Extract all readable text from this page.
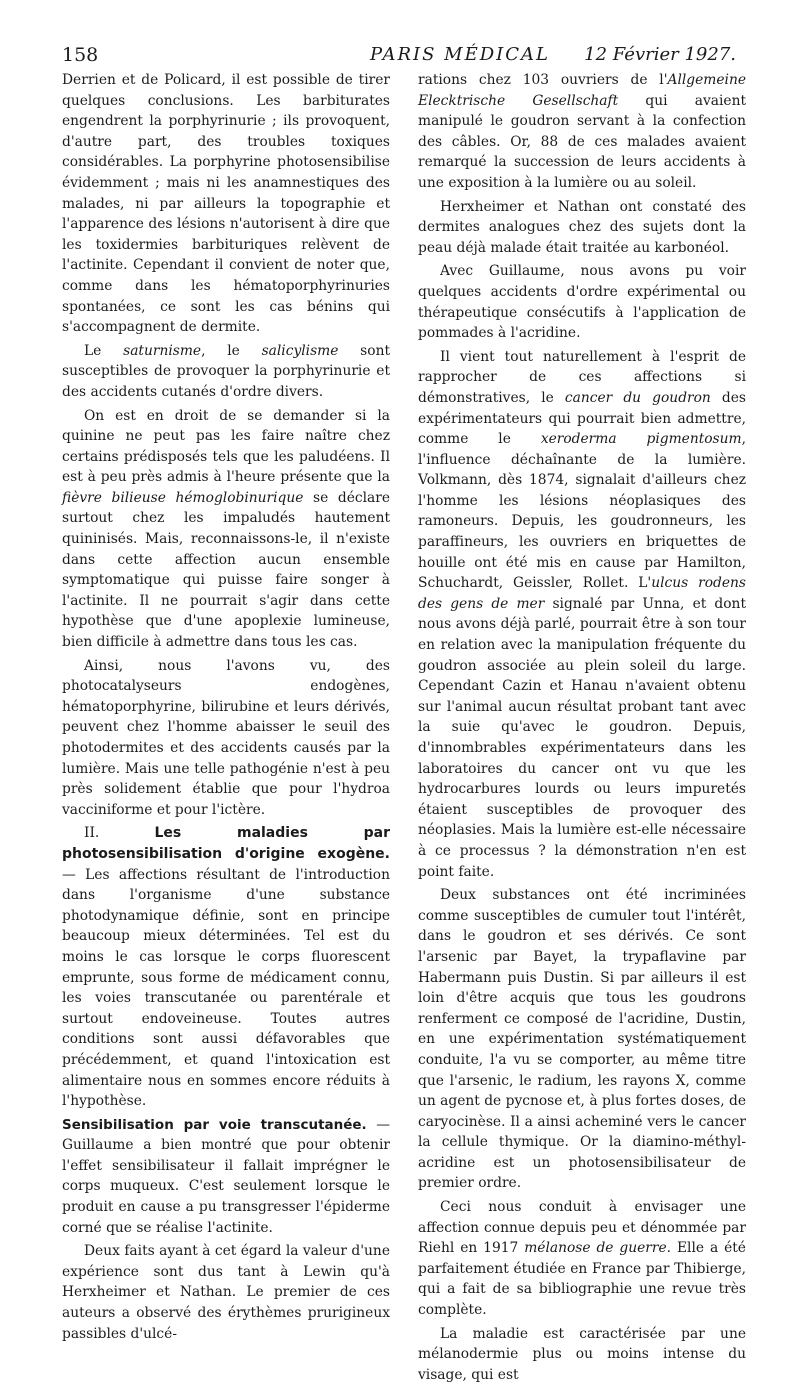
158	PARIS MÉDICAL 12 Février 1927.

Derrien et de Policard, il est possible de tirer quelques conclusions. Les barbiturates engendrent la porphyrinurie ; ils provoquent, d'autre part, des troubles toxiques considérables. La porphyrine photosensibilise évidemment ; mais ni les anamnestiques des malades, ni par ailleurs la topographie et l'apparence des lésions n'autorisent à dire que les toxidermies barbituriques relèvent de l'actinite. Cependant il convient de noter que, comme dans les hématoporphyrinuries spontanées, ce sont les cas bénins qui s'accompagnent de dermite.

Le saturnisme, le salicylisme sont susceptibles de provoquer la porphyrinurie et des accidents cutanés d'ordre divers.

On est en droit de se demander si la quinine ne peut pas les faire naître chez certains prédisposés tels que les paludéens. Il est à peu près admis à l'heure présente que la fièvre bilieuse hémoglobinurique se déclare surtout chez les impaludés hautement quininisés. Mais, reconnaissons-le, il n'existe dans cette affection aucun ensemble symptomatique qui puisse faire songer à l'actinite. Il ne pourrait s'agir dans cette hypothèse que d'une apoplexie lumineuse, bien difficile à admettre dans tous les cas.

Ainsi, nous l'avons vu, des photocatalyseurs endogènes, hématoporphyrine, bilirubine et leurs dérivés, peuvent chez l'homme abaisser le seuil des photodermites et des accidents causés par la lumière. Mais une telle pathogénie n'est à peu près solidement établie que pour l'hydroa vacciniforme et pour l'ictère.

II. Les maladies par photosensibilisation d'origine exogène. — Les affections résultant de l'introduction dans l'organisme d'une substance photodynamique définie, sont en principe beaucoup mieux déterminées. Tel est du moins le cas lorsque le corps fluorescent emprunte, sous forme de médicament connu, les voies transcutanée ou parentérale et surtout endoveineuse. Toutes autres conditions sont aussi défavorables que précédemment, et quand l'intoxication est alimentaire nous en sommes encore réduits à l'hypothèse.

Sensibilisation par voie transcutanée. — Guillaume a bien montré que pour obtenir l'effet sensibilisateur il fallait imprégner le corps muqueux. C'est seulement lorsque le produit en cause a pu transgresser l'épiderme corné que se réalise l'actinite.

Deux faits ayant à cet égard la valeur d'une expérience sont dus tant à Lewin qu'à Herxheimer et Nathan. Le premier de ces auteurs a observé des érythèmes prurigineux passibles d'ulcé-

rations chez 103 ouvriers de l'Allgemeine Elecktrische Gesellschaft qui avaient manipulé le goudron servant à la confection des câbles. Or, 88 de ces malades avaient remarqué la succession de leurs accidents à une exposition à la lumière ou au soleil.

Herxheimer et Nathan ont constaté des dermites analogues chez des sujets dont la peau déjà malade était traitée au karbonéol.

Avec Guillaume, nous avons pu voir quelques accidents d'ordre expérimental ou thérapeutique consécutifs à l'application de pommades à l'acridine.

Il vient tout naturellement à l'esprit de rapprocher de ces affections si démonstratives, le cancer du goudron des expérimentateurs qui pourrait bien admettre, comme le xeroderma pigmentosum, l'influence déchaînante de la lumière. Volkmann, dès 1874, signalait d'ailleurs chez l'homme les lésions néoplasiques des ramoneurs. Depuis, les goudronneurs, les paraffineurs, les ouvriers en briquettes de houille ont été mis en cause par Hamilton, Schuchardt, Geissler, Rollet. L'ulcus rodens des gens de mer signalé par Unna, et dont nous avons déjà parlé, pourrait être à son tour en relation avec la manipulation fréquente du goudron associée au plein soleil du large. Cependant Cazin et Hanau n'avaient obtenu sur l'animal aucun résultat probant tant avec la suie qu'avec le goudron. Depuis, d'innombrables expérimentateurs dans les laboratoires du cancer ont vu que les hydrocarbures lourds ou leurs impuretés étaient susceptibles de provoquer des néoplasies. Mais la lumière est-elle nécessaire à ce processus ? la démonstration n'en est point faite.

Deux substances ont été incriminées comme susceptibles de cumuler tout l'intérêt, dans le goudron et ses dérivés. Ce sont l'arsenic par Bayet, la trypaflavine par Habermann puis Dustin. Si par ailleurs il est loin d'être acquis que tous les goudrons renferment ce composé de l'acridine, Dustin, en une expérimentation systématiquement conduite, l'a vu se comporter, au même titre que l'arsenic, le radium, les rayons X, comme un agent de pycnose et, à plus fortes doses, de caryocinèse. Il a ainsi acheminé vers le cancer la cellule thymique. Or la diamino-méthyl-acridine est un photosensibilisateur de premier ordre.

Ceci nous conduit à envisager une affection connue depuis peu et dénommée par Riehl en 1917 mélanose de guerre. Elle a été parfaitement étudiée en France par Thibierge, qui a fait de sa bibliographie une revue très complète.

La maladie est caractérisée par une mélanodermie plus ou moins intense du visage, qui est
